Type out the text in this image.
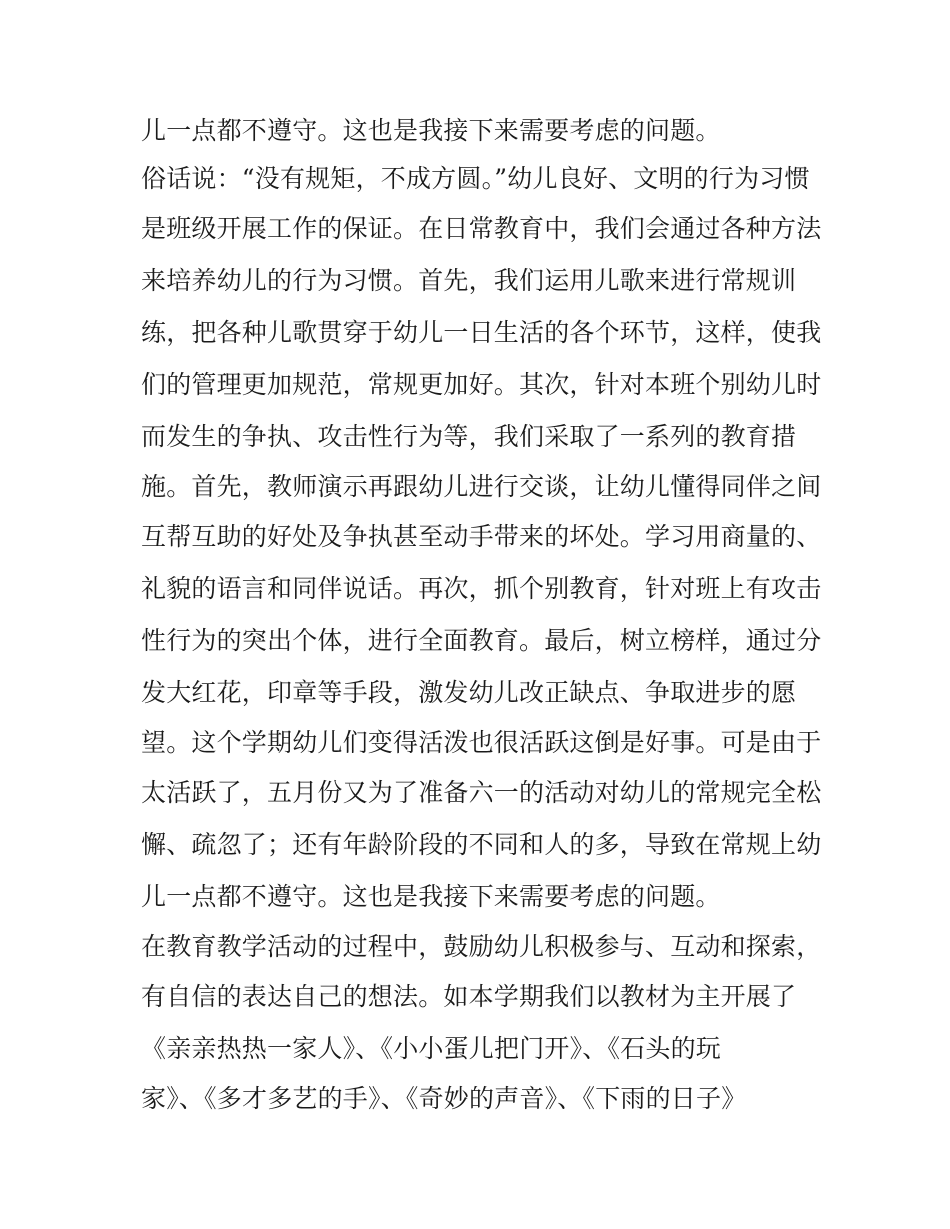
儿一点都不遵守。这也是我接下来需要考虑的问题。

俗话说：“没有规矩，不成方圆。”幼儿良好、文明的行为习惯

是班级开展工作的保证。在日常教育中，我们会通过各种方法

来培养幼儿的行为习惯。首先，我们运用儿歌来进行常规训

练，把各种儿歌贯穿于幼儿一日生活的各个环节，这样，使我

们的管理更加规范，常规更加好。其次，针对本班个别幼儿时

而发生的争执、攻击性行为等，我们采取了一系列的教育措

施。首先，教师演示再跟幼儿进行交谈，让幼儿懂得同伴之间

互帮互助的好处及争执甚至动手带来的坏处。学习用商量的、

礼貌的语言和同伴说话。再次，抓个别教育，针对班上有攻击

性行为的突出个体，进行全面教育。最后，树立榜样，通过分

发大红花，印章等手段，激发幼儿改正缺点、争取进步的愿

望。这个学期幼儿们变得活泼也很活跃这倒是好事。可是由于

太活跃了，五月份又为了准备六一的活动对幼儿的常规完全松

懈、疏忽了；还有年龄阶段的不同和人的多，导致在常规上幼

儿一点都不遵守。这也是我接下来需要考虑的问题。

在教育教学活动的过程中，鼓励幼儿积极参与、互动和探索，

有自信的表达自己的想法。如本学期我们以教材为主开展了

《亲亲热热一家人》、《小小蛋儿把门开》、《石头的玩

家》、《多才多艺的手》、《奇妙的声音》、《下雨的日子》
